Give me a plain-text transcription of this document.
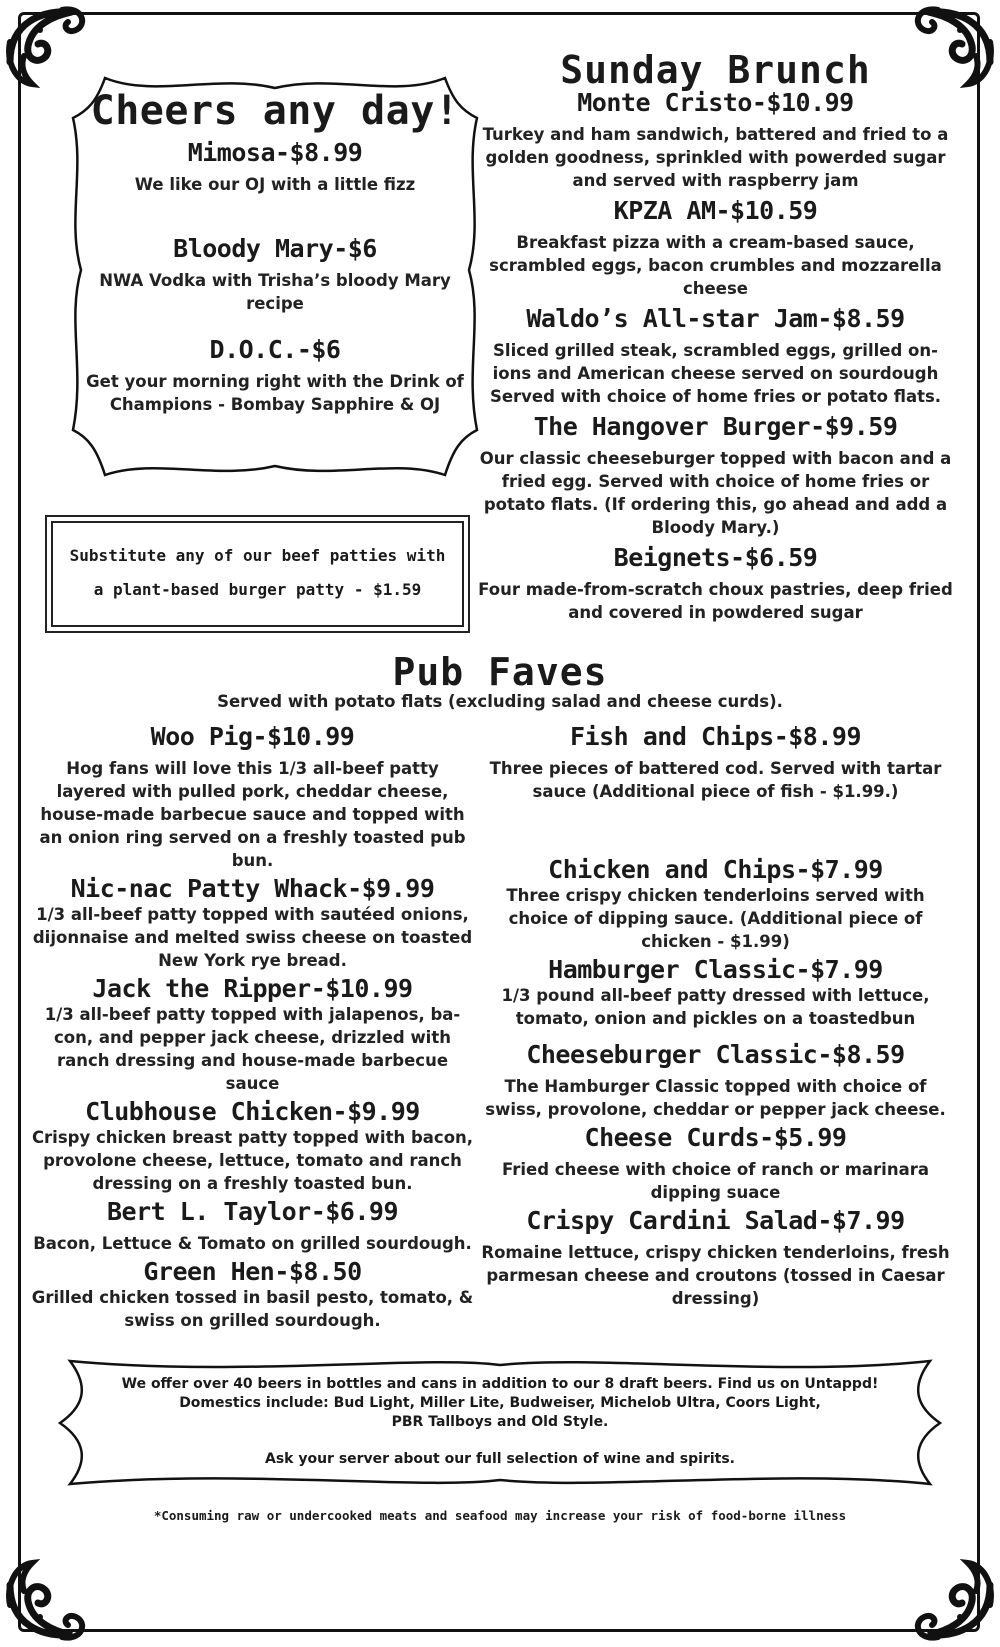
Cheers any day!

Mimosa-$8.99

We like our OJ with a little fizz

Bloody Mary-$6

NWA Vodka with Trisha’s bloody Mary recipe

D.O.C.-$6

Get your morning right with the Drink of Champions - Bombay Sapphire & OJ

Substitute any of our beef patties with
a plant-based burger patty - $1.59

Sunday Brunch

Monte Cristo-$10.99

Turkey and ham sandwich, battered and fried to a golden goodness, sprinkled with powerded sugar and served with raspberry jam

KPZA AM-$10.59

Breakfast pizza with a cream-based sauce, scrambled eggs, bacon crumbles and mozzarella cheese

Waldo’s All-star Jam-$8.59

Sliced grilled steak, scrambled eggs, grilled on-ions and American cheese served on sourdough Served with choice of home fries or potato flats.

The Hangover Burger-$9.59

Our classic cheeseburger topped with bacon and a fried egg. Served with choice of home fries or potato flats. (If ordering this, go ahead and add a Bloody Mary.)

Beignets-$6.59

Four made-from-scratch choux pastries, deep fried and covered in powdered sugar

Pub Faves

Served with potato flats (excluding salad and cheese curds).

Woo Pig-$10.99

Hog fans will love this 1/3 all-beef patty layered with pulled pork, cheddar cheese, house-made barbecue sauce and topped with an onion ring served on a freshly toasted pub bun.

Nic-nac Patty Whack-$9.99

1/3 all-beef patty topped with sautéed onions, dijonnaise and melted swiss cheese on toasted New York rye bread.

Jack the Ripper-$10.99

1/3 all-beef patty topped with jalapenos, ba-con, and pepper jack cheese, drizzled with ranch dressing and house-made barbecue sauce

Clubhouse Chicken-$9.99

Crispy chicken breast patty topped with bacon, provolone cheese, lettuce, tomato and ranch dressing on a freshly toasted bun.

Bert L. Taylor-$6.99

Bacon, Lettuce & Tomato on grilled sourdough.

Green Hen-$8.50

Grilled chicken tossed in basil pesto, tomato, & swiss on grilled sourdough.

Fish and Chips-$8.99

Three pieces of battered cod. Served with tartar sauce (Additional piece of fish - $1.99.)

Chicken and Chips-$7.99

Three crispy chicken tenderloins served with choice of dipping sauce. (Additional piece of chicken - $1.99)

Hamburger Classic-$7.99

1/3 pound all-beef patty dressed with lettuce, tomato, onion and pickles on a toastedbun

Cheeseburger Classic-$8.59

The Hamburger Classic topped with choice of swiss, provolone, cheddar or pepper jack cheese.

Cheese Curds-$5.99

Fried cheese with choice of ranch or marinara dipping suace

Crispy Cardini Salad-$7.99

Romaine lettuce, crispy chicken tenderloins, fresh parmesan cheese and croutons (tossed in Caesar dressing)

We offer over 40 beers in bottles and cans in addition to our 8 draft beers. Find us on Untappd!
Domestics include: Bud Light, Miller Lite, Budweiser, Michelob Ultra, Coors Light,
PBR Tallboys and Old Style.
Ask your server about our full selection of wine and spirits.
*Consuming raw or undercooked meats and seafood may increase your risk of food-borne illness
